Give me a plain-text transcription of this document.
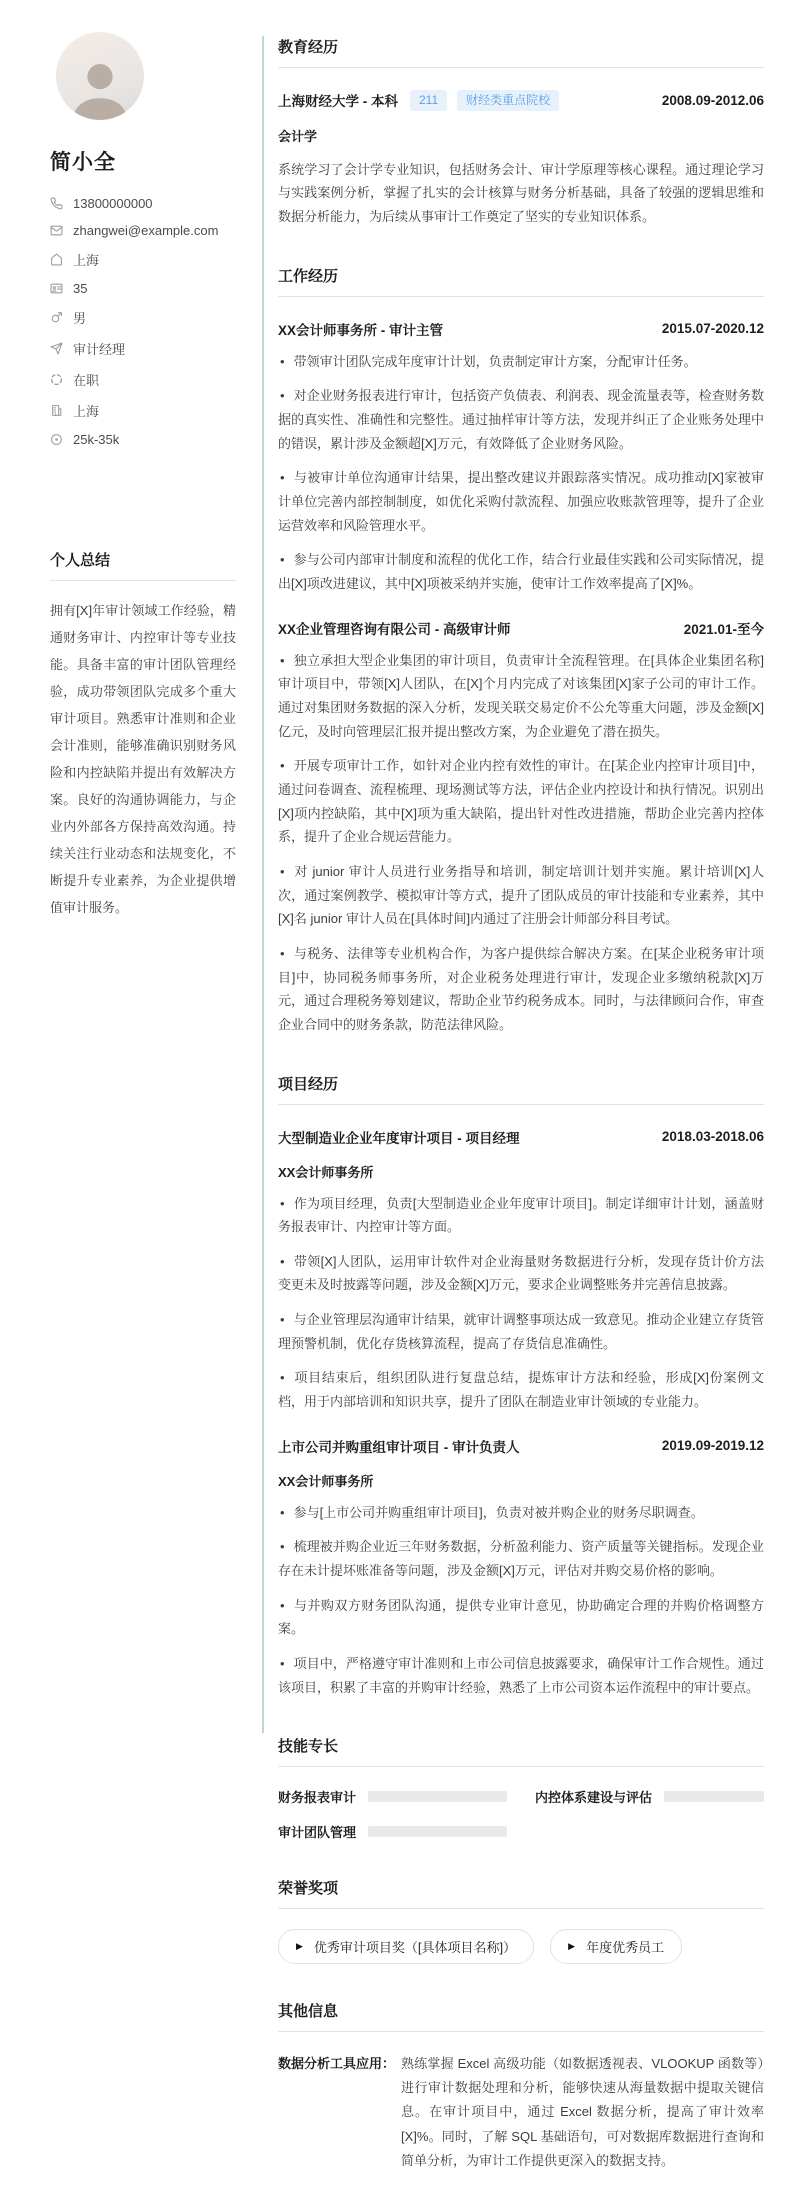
简小全
13800000000
zhangwei@example.com
上海
35
男
审计经理
在职
上海
25k-35k
个人总结

拥有[X]年审计领域工作经验，精通财务审计、内控审计等专业技能。具备丰富的审计团队管理经验，成功带领团队完成多个重大审计项目。熟悉审计准则和企业会计准则，能够准确识别财务风险和内控缺陷并提出有效解决方案。良好的沟通协调能力，与企业内外部各方保持高效沟通。持续关注行业动态和法规变化，不断提升专业素养，为企业提供增值审计服务。

教育经历
上海财经大学 - 本科	211	财经类重点院校	2008.09-2012.06
会计学

系统学习了会计学专业知识，包括财务会计、审计学原理等核心课程。通过理论学习与实践案例分析，掌握了扎实的会计核算与财务分析基础，具备了较强的逻辑思维和数据分析能力，为后续从事审计工作奠定了坚实的专业知识体系。

工作经历
XX会计师事务所 - 审计主管	2015.07-2020.12

• 带领审计团队完成年度审计计划，负责制定审计方案，分配审计任务。

• 对企业财务报表进行审计，包括资产负债表、利润表、现金流量表等，检查财务数据的真实性、准确性和完整性。通过抽样审计等方法，发现并纠正了企业账务处理中的错误，累计涉及金额超[X]万元，有效降低了企业财务风险。

• 与被审计单位沟通审计结果，提出整改建议并跟踪落实情况。成功推动[X]家被审计单位完善内部控制制度，如优化采购付款流程、加强应收账款管理等，提升了企业运营效率和风险管理水平。

• 参与公司内部审计制度和流程的优化工作，结合行业最佳实践和公司实际情况，提出[X]项改进建议，其中[X]项被采纳并实施，使审计工作效率提高了[X]%。

XX企业管理咨询有限公司 - 高级审计师	2021.01-至今

• 独立承担大型企业集团的审计项目，负责审计全流程管理。在[具体企业集团名称]审计项目中，带领[X]人团队，在[X]个月内完成了对该集团[X]家子公司的审计工作。通过对集团财务数据的深入分析，发现关联交易定价不公允等重大问题，涉及金额[X]亿元，及时向管理层汇报并提出整改方案，为企业避免了潜在损失。

• 开展专项审计工作，如针对企业内控有效性的审计。在[某企业内控审计项目]中，通过问卷调查、流程梳理、现场测试等方法，评估企业内控设计和执行情况。识别出[X]项内控缺陷，其中[X]项为重大缺陷，提出针对性改进措施，帮助企业完善内控体系，提升了企业合规运营能力。

• 对 junior 审计人员进行业务指导和培训，制定培训计划并实施。累计培训[X]人次，通过案例教学、模拟审计等方式，提升了团队成员的审计技能和专业素养，其中[X]名 junior 审计人员在[具体时间]内通过了注册会计师部分科目考试。

• 与税务、法律等专业机构合作，为客户提供综合解决方案。在[某企业税务审计项目]中，协同税务师事务所，对企业税务处理进行审计，发现企业多缴纳税款[X]万元，通过合理税务筹划建议，帮助企业节约税务成本。同时，与法律顾问合作，审查企业合同中的财务条款，防范法律风险。

项目经历
大型制造业企业年度审计项目 - 项目经理	2018.03-2018.06
XX会计师事务所

• 作为项目经理，负责[大型制造业企业年度审计项目]。制定详细审计计划，涵盖财务报表审计、内控审计等方面。

• 带领[X]人团队，运用审计软件对企业海量财务数据进行分析，发现存货计价方法变更未及时披露等问题，涉及金额[X]万元，要求企业调整账务并完善信息披露。

• 与企业管理层沟通审计结果，就审计调整事项达成一致意见。推动企业建立存货管理预警机制，优化存货核算流程，提高了存货信息准确性。

• 项目结束后，组织团队进行复盘总结，提炼审计方法和经验，形成[X]份案例文档，用于内部培训和知识共享，提升了团队在制造业审计领域的专业能力。

上市公司并购重组审计项目 - 审计负责人	2019.09-2019.12
XX会计师事务所

• 参与[上市公司并购重组审计项目]，负责对被并购企业的财务尽职调查。

• 梳理被并购企业近三年财务数据，分析盈利能力、资产质量等关键指标。发现企业存在未计提坏账准备等问题，涉及金额[X]万元，评估对并购交易价格的影响。

• 与并购双方财务团队沟通，提供专业审计意见，协助确定合理的并购价格调整方案。

• 项目中，严格遵守审计准则和上市公司信息披露要求，确保审计工作合规性。通过该项目，积累了丰富的并购审计经验，熟悉了上市公司资本运作流程中的审计要点。

技能专长
财务报表审计	内控体系建设与评估
审计团队管理
荣誉奖项
▶ 优秀审计项目奖（[具体项目名称]）	▶ 年度优秀员工
其他信息
数据分析工具应用： 熟练掌握 Excel 高级功能（如数据透视表、VLOOKUP 函数等）进行审计数据处理和分析，能够快速从海量数据中提取关键信息。在审计项目中，通过 Excel 数据分析，提高了审计效率[X]%。同时，了解 SQL 基础语句，可对数据库数据进行查询和简单分析，为审计工作提供更深入的数据支持。
